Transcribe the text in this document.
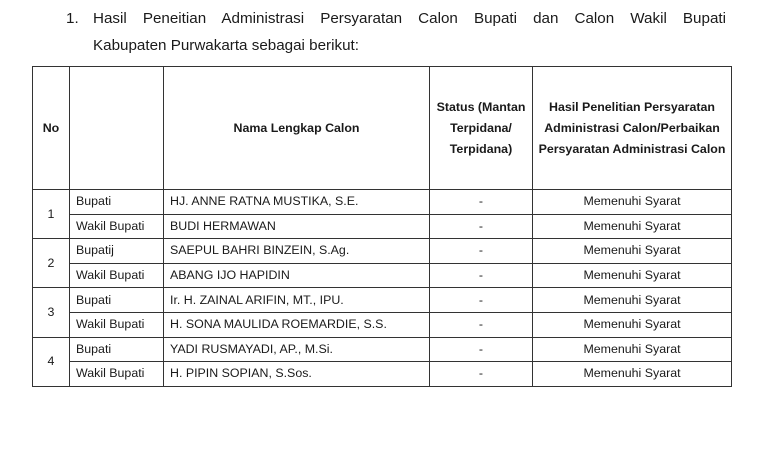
1. Hasil Peneitian Administrasi Persyaratan Calon Bupati dan Calon Wakil Bupati
Kabupaten Purwakarta sebagai berikut:
No		Nama Lengkap Calon	Status (Mantan Terpidana/ Terpidana)	Hasil Penelitian Persyaratan Administrasi Calon/Perbaikan Persyaratan Administrasi Calon
1	Bupati	HJ. ANNE RATNA MUSTIKA, S.E.	-	Memenuhi Syarat
	Wakil Bupati	BUDI HERMAWAN	-	Memenuhi Syarat
2	Bupatij	SAEPUL BAHRI BINZEIN, S.Ag.	-	Memenuhi Syarat
	Wakil Bupati	ABANG IJO HAPIDIN	-	Memenuhi Syarat
3	Bupati	Ir. H. ZAINAL ARIFIN, MT., IPU.	-	Memenuhi Syarat
	Wakil Bupati	H. SONA MAULIDA ROEMARDIE, S.S.	-	Memenuhi Syarat
4	Bupati	YADI RUSMAYADI, AP., M.Si.	-	Memenuhi Syarat
	Wakil Bupati	H. PIPIN SOPIAN, S.Sos.	-	Memenuhi Syarat
